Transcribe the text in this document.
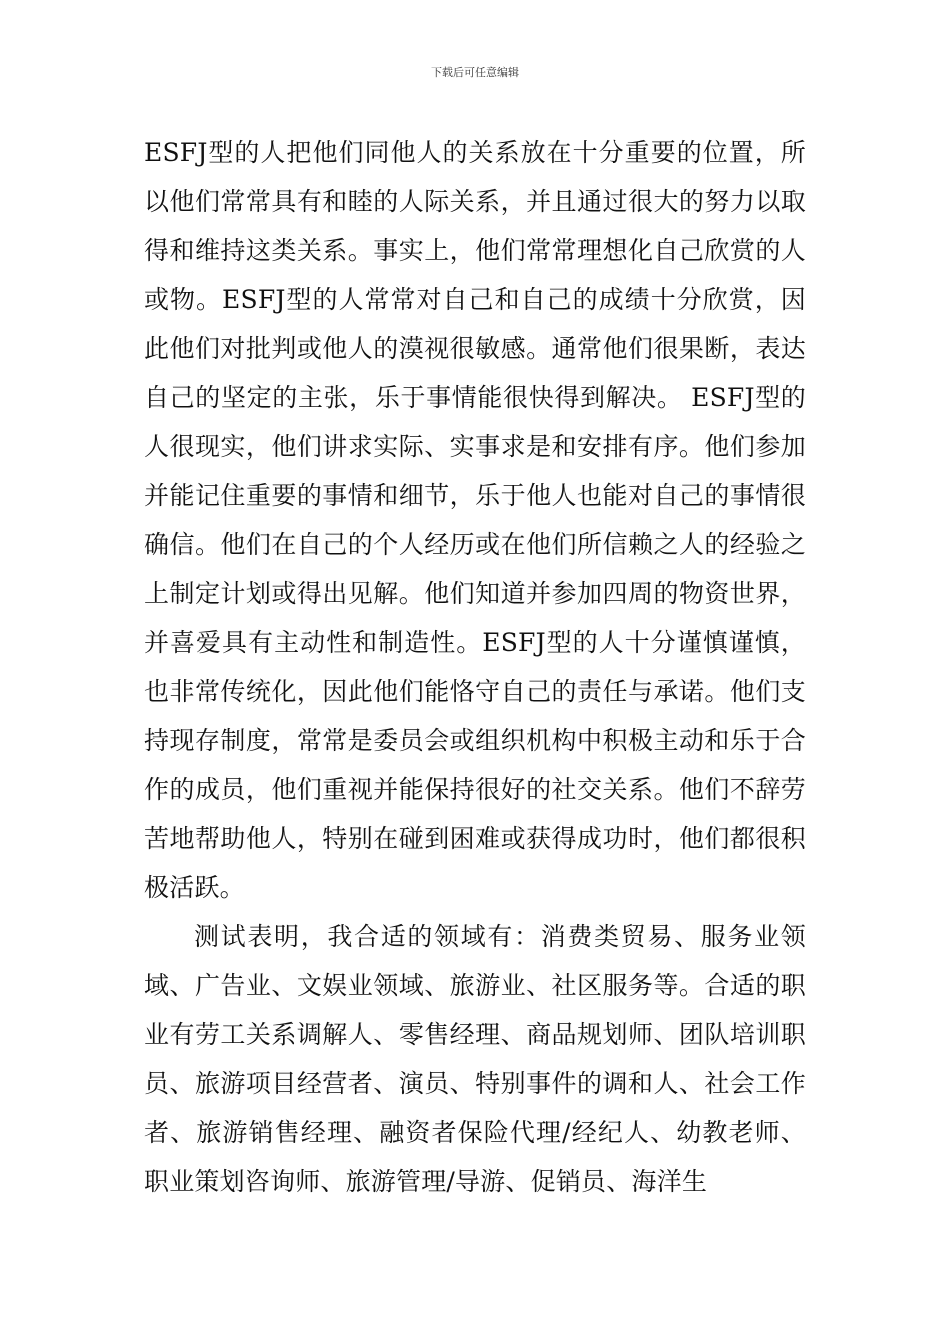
下载后可任意编辑

ESFJ型的人把他们同他人的关系放在十分重要的位置，所以他们常常具有和睦的人际关系，并且通过很大的努力以取得和维持这类关系。事实上，他们常常理想化自己欣赏的人或物。ESFJ型的人常常对自己和自己的成绩十分欣赏，因此他们对批判或他人的漠视很敏感。通常他们很果断，表达自己的坚定的主张，乐于事情能很快得到解决。 ESFJ型的人很现实，他们讲求实际、实事求是和安排有序。他们参加并能记住重要的事情和细节，乐于他人也能对自己的事情很确信。他们在自己的个人经历或在他们所信赖之人的经验之上制定计划或得出见解。他们知道并参加四周的物资世界，并喜爱具有主动性和制造性。ESFJ型的人十分谨慎谨慎，也非常传统化，因此他们能恪守自己的责任与承诺。他们支持现存制度，常常是委员会或组织机构中积极主动和乐于合作的成员，他们重视并能保持很好的社交关系。他们不辞劳苦地帮助他人，特别在碰到困难或获得成功时，他们都很积极活跃。

测试表明，我合适的领域有：消费类贸易、服务业领域、广告业、文娱业领域、旅游业、社区服务等。合适的职业有劳工关系调解人、零售经理、商品规划师、团队培训职员、旅游项目经营者、演员、特别事件的调和人、社会工作者、旅游销售经理、融资者保险代理/经纪人、幼教老师、职业策划咨询师、旅游管理/导游、促销员、海洋生
